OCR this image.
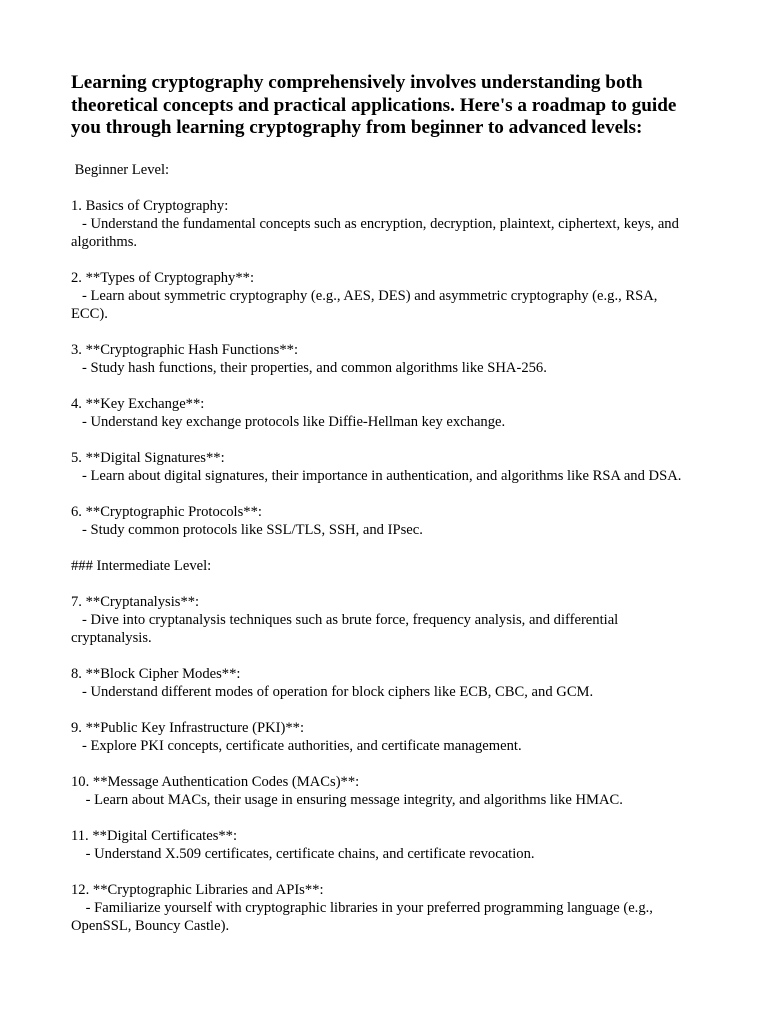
Learning cryptography comprehensively involves understanding both theoretical concepts and practical applications. Here's a roadmap to guide you through learning cryptography from beginner to advanced levels:
Beginner Level:
1. Basics of Cryptography:
- Understand the fundamental concepts such as encryption, decryption, plaintext, ciphertext, keys, and algorithms.
2. **Types of Cryptography**:
- Learn about symmetric cryptography (e.g., AES, DES) and asymmetric cryptography (e.g., RSA, ECC).
3. **Cryptographic Hash Functions**:
- Study hash functions, their properties, and common algorithms like SHA-256.
4. **Key Exchange**:
- Understand key exchange protocols like Diffie-Hellman key exchange.
5. **Digital Signatures**:
- Learn about digital signatures, their importance in authentication, and algorithms like RSA and DSA.
6. **Cryptographic Protocols**:
- Study common protocols like SSL/TLS, SSH, and IPsec.
### Intermediate Level:
7. **Cryptanalysis**:
- Dive into cryptanalysis techniques such as brute force, frequency analysis, and differential cryptanalysis.
8. **Block Cipher Modes**:
- Understand different modes of operation for block ciphers like ECB, CBC, and GCM.
9. **Public Key Infrastructure (PKI)**:
- Explore PKI concepts, certificate authorities, and certificate management.
10. **Message Authentication Codes (MACs)**:
- Learn about MACs, their usage in ensuring message integrity, and algorithms like HMAC.
11. **Digital Certificates**:
- Understand X.509 certificates, certificate chains, and certificate revocation.
12. **Cryptographic Libraries and APIs**:
- Familiarize yourself with cryptographic libraries in your preferred programming language (e.g., OpenSSL, Bouncy Castle).
